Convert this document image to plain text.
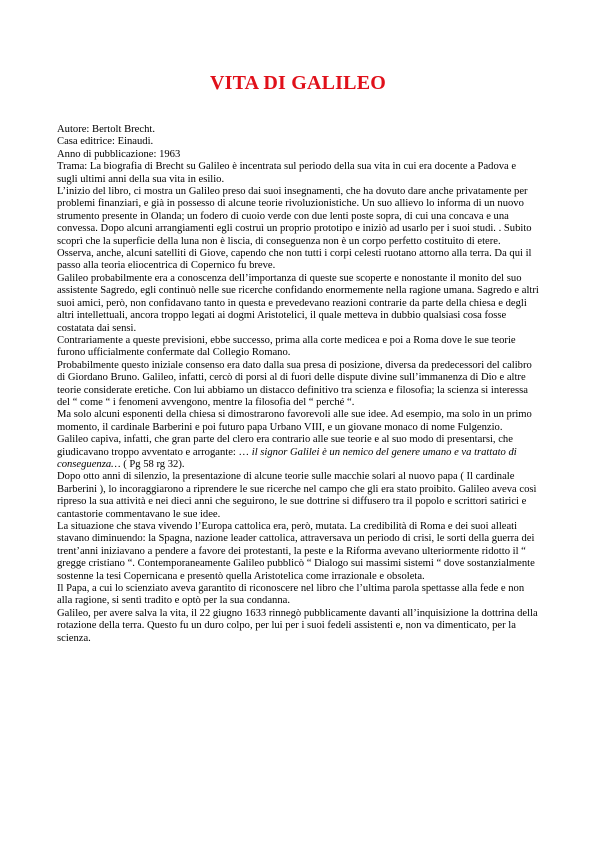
VITA DI GALILEO

Autore: Bertolt Brecht.

Casa editrice: Einaudi.

Anno di pubblicazione: 1963

Trama: La biografia di Brecht su Galileo è incentrata sul periodo della sua vita in cui era docente a Padova e sugli ultimi anni della sua vita in esilio.

L’inizio del libro, ci mostra un Galileo preso dai suoi insegnamenti, che ha dovuto dare anche privatamente per problemi finanziari, e già in possesso di alcune teorie rivoluzionistiche. Un suo allievo lo informa di un nuovo strumento presente in Olanda; un fodero di cuoio verde con due lenti poste sopra, di cui una concava e una convessa. Dopo alcuni arrangiamenti egli costruì un proprio prototipo e iniziò ad usarlo per i suoi studi. . Subito scoprì che la superficie della luna non è liscia, di conseguenza non è un corpo perfetto costituito di etere. Osserva, anche, alcuni satelliti di Giove, capendo che non tutti i corpi celesti ruotano attorno alla terra. Da qui il passo alla teoria eliocentrica di Copernico fu breve.

Galileo probabilmente era a conoscenza dell’importanza di queste sue scoperte e nonostante il monito del suo assistente Sagredo, egli continuò nelle sue ricerche confidando enormemente nella ragione umana. Sagredo e altri suoi amici, però, non confidavano tanto in questa e prevedevano reazioni contrarie da parte della chiesa e degli altri intellettuali, ancora troppo legati ai dogmi Aristotelici, il quale metteva in dubbio qualsiasi cosa fosse costatata dai sensi.

Contrariamente a queste previsioni, ebbe successo, prima alla corte medicea e poi a Roma dove le sue teorie furono ufficialmente confermate dal Collegio Romano.

Probabilmente questo iniziale consenso era dato dalla sua presa di posizione, diversa da predecessori del calibro di Giordano Bruno. Galileo, infatti, cercò di porsi al di fuori delle dispute divine sull’immanenza di Dio e altre teorie considerate eretiche. Con lui abbiamo un distacco definitivo tra scienza e filosofia; la scienza si interessa del “ come “ i fenomeni avvengono, mentre la filosofia del “ perché “.

Ma solo alcuni esponenti della chiesa si dimostrarono favorevoli alle sue idee. Ad esempio, ma solo in un primo momento, il cardinale Barberini e poi futuro papa Urbano VIII, e un giovane monaco di nome Fulgenzio.

Galileo capiva, infatti, che gran parte del clero era contrario alle sue teorie e al suo modo di presentarsi, che giudicavano troppo avventato e arrogante: … il signor Galilei è un nemico del genere umano e va trattato di conseguenza… ( Pg 58 rg 32).

Dopo otto anni di silenzio, la presentazione di alcune teorie sulle macchie solari al nuovo papa ( Il cardinale Barberini ), lo incoraggiarono a riprendere le sue ricerche nel campo che gli era stato proibito. Galileo aveva così ripreso la sua attività e nei dieci anni che seguirono, le sue dottrine si diffusero tra il popolo e scrittori satirici e cantastorie commentavano le sue idee.

La situazione che stava vivendo l’Europa cattolica era, però, mutata. La credibilità di Roma e dei suoi alleati stavano diminuendo: la Spagna, nazione leader cattolica, attraversava un periodo di crisi, le sorti della guerra dei trent’anni iniziavano a pendere a favore dei protestanti, la peste e la Riforma avevano ulteriormente ridotto il “ gregge cristiano “. Contemporaneamente Galileo pubblicò “ Dialogo sui massimi sistemi “ dove sostanzialmente sostenne la tesi Copernicana e presentò quella Aristotelica come irrazionale e obsoleta.

Il Papa, a cui lo scienziato aveva garantito di riconoscere nel libro che l’ultima parola spettasse alla fede e non alla ragione, si sentì tradito e optò per la sua condanna.

Galileo, per avere salva la vita, il 22 giugno 1633 rinnegò pubblicamente davanti all’inquisizione la dottrina della rotazione della terra. Questo fu un duro colpo, per lui per i suoi fedeli assistenti e, non va dimenticato, per la scienza.
